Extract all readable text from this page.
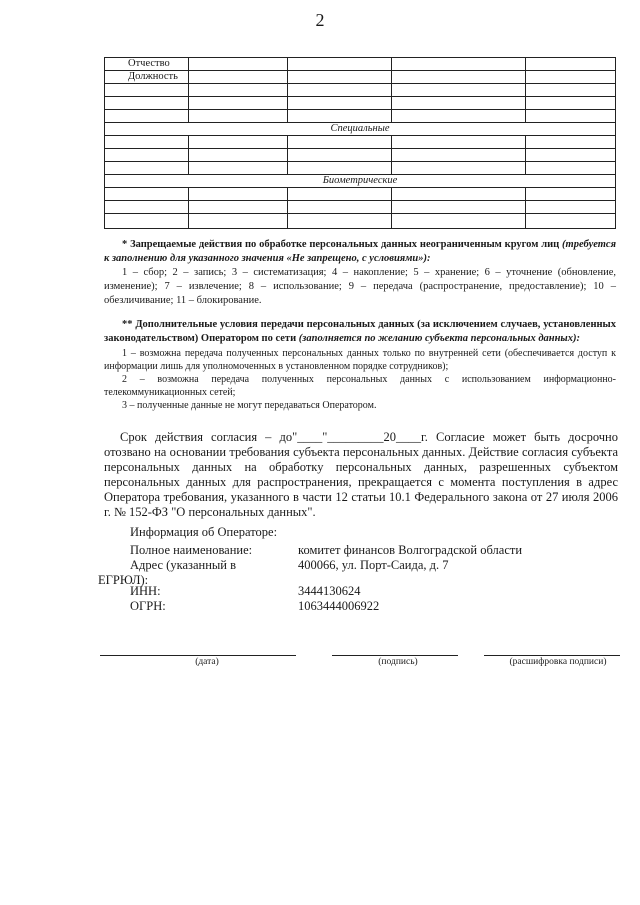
2
Отчество
Должность
Специальные
Биометрические
* Запрещаемые действия по обработке персональных данных неограниченным кругом лиц (требуется к заполнению для указанного значения «Не запрещено, с условиями»):
1 – сбор; 2 – запись; 3 – систематизация; 4 – накопление; 5 – хранение; 6 – уточнение (обновление,
изменение); 7 – извлечение; 8 – использование; 9 – передача (распространение, предоставление); 10 –
обезличивание; 11 – блокирование.
** Дополнительные условия передачи персональных данных (за исключением случаев, установленных законодательством) Оператором по сети (заполняется по желанию субъекта персональных данных):
1 – возможна передача полученных персональных данных только по внутренней сети (обеспечивается доступ к информации лишь для уполномоченных в установленном порядке сотрудников);
2 – возможна передача полученных персональных данных с использованием информационно-телекоммуникационных сетей;
3 – полученные данные не могут передаваться Оператором.
Срок действия согласия – до"____"_________20____г. Согласие может быть досрочно отозвано на основании требования субъекта персональных данных. Действие согласия субъекта персональных данных на обработку персональных данных, разрешенных субъектом персональных данных для распространения, прекращается с момента поступления в адрес Оператора требования, указанного в части 12 статьи 10.1 Федерального закона от 27 июля 2006 г. № 152-ФЗ "О персональных данных".
Информация об Операторе:
Полное наименование:	комитет финансов Волгоградской области
Адрес (указанный в
ЕГРЮЛ):
400066, ул. Порт-Саида, д. 7
ИНН:	3444130624
ОГРН:	1063444006922
(дата)	(подпись)	(расшифровка подписи)
